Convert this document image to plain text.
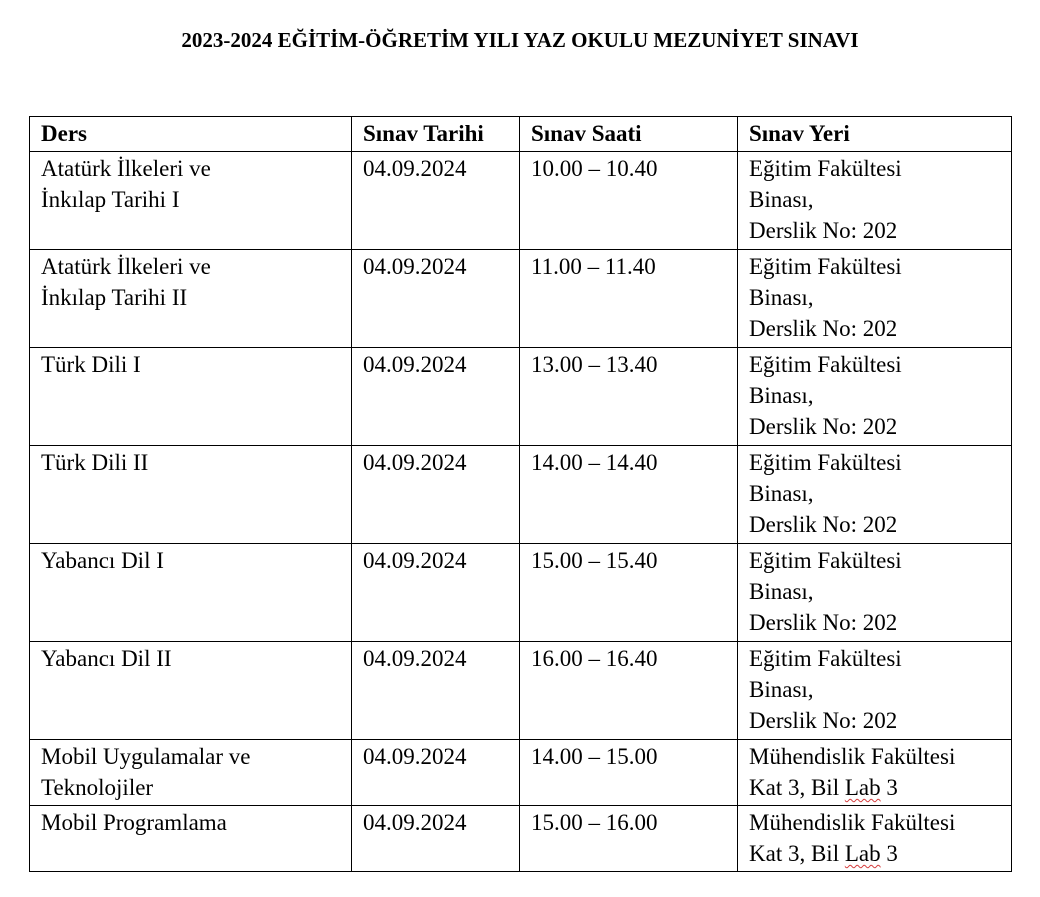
2023-2024 EĞİTİM-ÖĞRETİM YILI YAZ OKULU MEZUNİYET SINAVI
Ders	Sınav Tarihi	Sınav Saati	Sınav Yeri

Atatürk İlkeleri ve
İnkılap Tarihi I	04.09.2024	10.00 – 10.40	Eğitim Fakültesi
Binası,
Derslik No: 202

Atatürk İlkeleri ve
İnkılap Tarihi II	04.09.2024	11.00 – 11.40	Eğitim Fakültesi
Binası,
Derslik No: 202

Türk Dili I	04.09.2024	13.00 – 13.40	Eğitim Fakültesi
Binası,
Derslik No: 202

Türk Dili II	04.09.2024	14.00 – 14.40	Eğitim Fakültesi
Binası,
Derslik No: 202

Yabancı Dil I	04.09.2024	15.00 – 15.40	Eğitim Fakültesi
Binası,
Derslik No: 202

Yabancı Dil II	04.09.2024	16.00 – 16.40	Eğitim Fakültesi
Binası,
Derslik No: 202

Mobil Uygulamalar ve
Teknolojiler	04.09.2024	14.00 – 15.00	Mühendislik Fakültesi
Kat 3, Bil Lab 3

Mobil Programlama	04.09.2024	15.00 – 16.00	Mühendislik Fakültesi
Kat 3, Bil Lab 3
